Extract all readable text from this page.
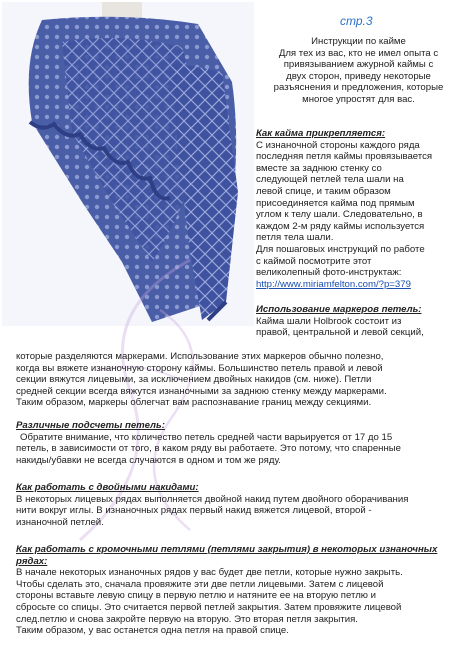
стр.3
Инструкции по кайме
Для тех из вас, кто не имел опыта с
привязыванием ажурной каймы с
двух сторон, приведу некоторые
разъяснения и предложения, которые
многое упростят для вас.
Как кайма прикрепляется:
С изнаночной стороны каждого ряда
последняя петля каймы провязывается
вместе за заднюю стенку со
следующей петлей тела шали на
левой спице, и таким образом
присоединяется кайма под прямым
углом к телу шали. Следовательно, в
каждом 2-м ряду каймы используется
петля тела шали.
Для пошаговых инструкций по работе
с каймой посмотрите этот
великолепный фото-инструктаж:
http://www.miriamfelton.com/?p=379
Использование маркеров петель:
Кайма шали Holbrook состоит из
правой, центральной и левой секций,
которые разделяются маркерами. Использование этих маркеров обычно полезно,
когда вы вяжете изнаночную сторону каймы. Большинство петель правой и левой
секции вяжутся лицевыми, за исключением двойных накидов (см. ниже). Петли
средней секции всегда вяжутся изнаночными за заднюю стенку между маркерами.
Таким образом, маркеры облегчат вам распознавание границ между секциями.
Различные подсчеты петель:
Обратите внимание, что количество петель средней части варьируется от 17 до 15
петель, в зависимости от того, в каком ряду вы работаете. Это потому, что спаренные
накиды/убавки не всегда случаются в одном и том же ряду.
Как работать с двойными накидами:
В некоторых лицевых рядах выполняется двойной накид путем двойного оборачивания
нити вокруг иглы. В изнаночных рядах первый накид вяжется лицевой, второй -
изнаночной петлей.
Как работать с кромочными петлями (петлями закрытия) в некоторых изнаночных
рядах:
В начале некоторых изнаночных рядов у вас будет две петли, которые нужно закрыть.
Чтобы сделать это, сначала провяжите эти две петли лицевыми. Затем с лицевой
стороны вставьте левую спицу в первую петлю и натяните ее на вторую петлю и
сбросьте со спицы. Это считается первой петлей закрытия. Затем провяжите лицевой
след.петлю и снова закройте первую на вторую. Это вторая петля закрытия.
Таким образом, у вас останется одна петля на правой спице.
